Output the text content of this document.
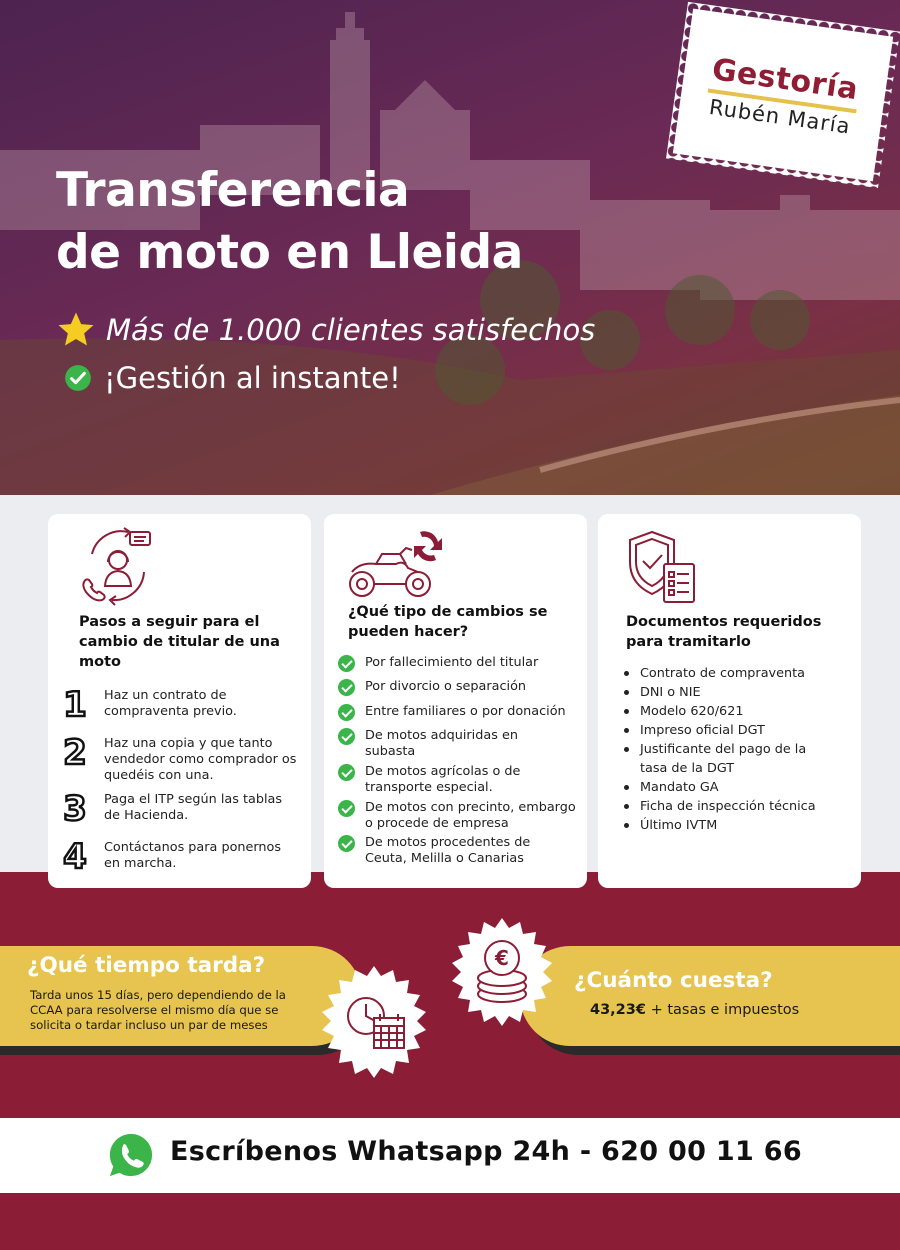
Transferencia
de moto en Lleida
Más de 1.000 clientes satisfechos
¡Gestión al instante!
Gestoría
Rubén María
Pasos a seguir para el cambio de titular de una moto
1 Haz un contrato de compraventa previo.
2 Haz una copia y que tanto vendedor como comprador os quedéis con una.
3 Paga el ITP según las tablas de Hacienda.
4 Contáctanos para ponernos en marcha.
¿Qué tipo de cambios se pueden hacer?
Por fallecimiento del titular
Por divorcio o separación
Entre familiares o por donación
De motos adquiridas en subasta
De motos agrícolas o de transporte especial.
De motos con precinto, embargo o procede de empresa
De motos procedentes de Ceuta, Melilla o Canarias
Documentos requeridos para tramitarlo
Contrato de compraventa
DNI o NIE
Modelo 620/621
Impreso oficial DGT
Justificante del pago de la tasa de la DGT
Mandato GA
Ficha de inspección técnica
Último IVTM
¿Qué tiempo tarda?
Tarda unos 15 días, pero dependiendo de la CCAA para resolverse el mismo día que se solicita o tardar incluso un par de meses
¿Cuánto cuesta?
43,23€ + tasas e impuestos
€
Escríbenos Whatsapp 24h - 620 00 11 66
